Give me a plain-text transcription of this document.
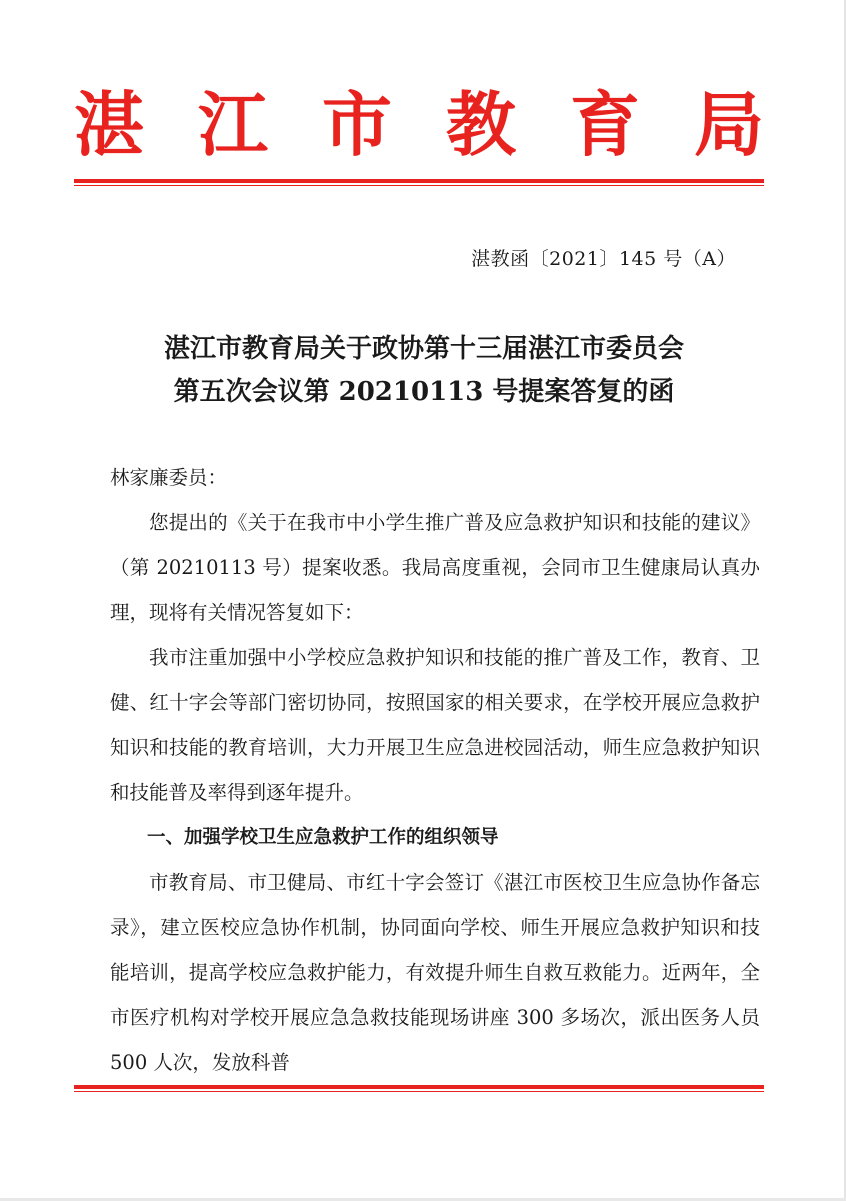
湛 江 市 教 育 局
湛教函〔2021〕145 号（A）
湛江市教育局关于政协第十三届湛江市委员会
第五次会议第 20210113 号提案答复的函

林家廉委员：

您提出的《关于在我市中小学生推广普及应急救护知识和技能的建议》（第 20210113 号）提案收悉。我局高度重视，会同市卫生健康局认真办理，现将有关情况答复如下：

我市注重加强中小学校应急救护知识和技能的推广普及工作，教育、卫健、红十字会等部门密切协同，按照国家的相关要求，在学校开展应急救护知识和技能的教育培训，大力开展卫生应急进校园活动，师生应急救护知识和技能普及率得到逐年提升。

一、加强学校卫生应急救护工作的组织领导

市教育局、市卫健局、市红十字会签订《湛江市医校卫生应急协作备忘录》，建立医校应急协作机制，协同面向学校、师生开展应急救护知识和技能培训，提高学校应急救护能力，有效提升师生自救互救能力。近两年，全市医疗机构对学校开展应急急救技能现场讲座 300 多场次，派出医务人员 500 人次，发放科普
